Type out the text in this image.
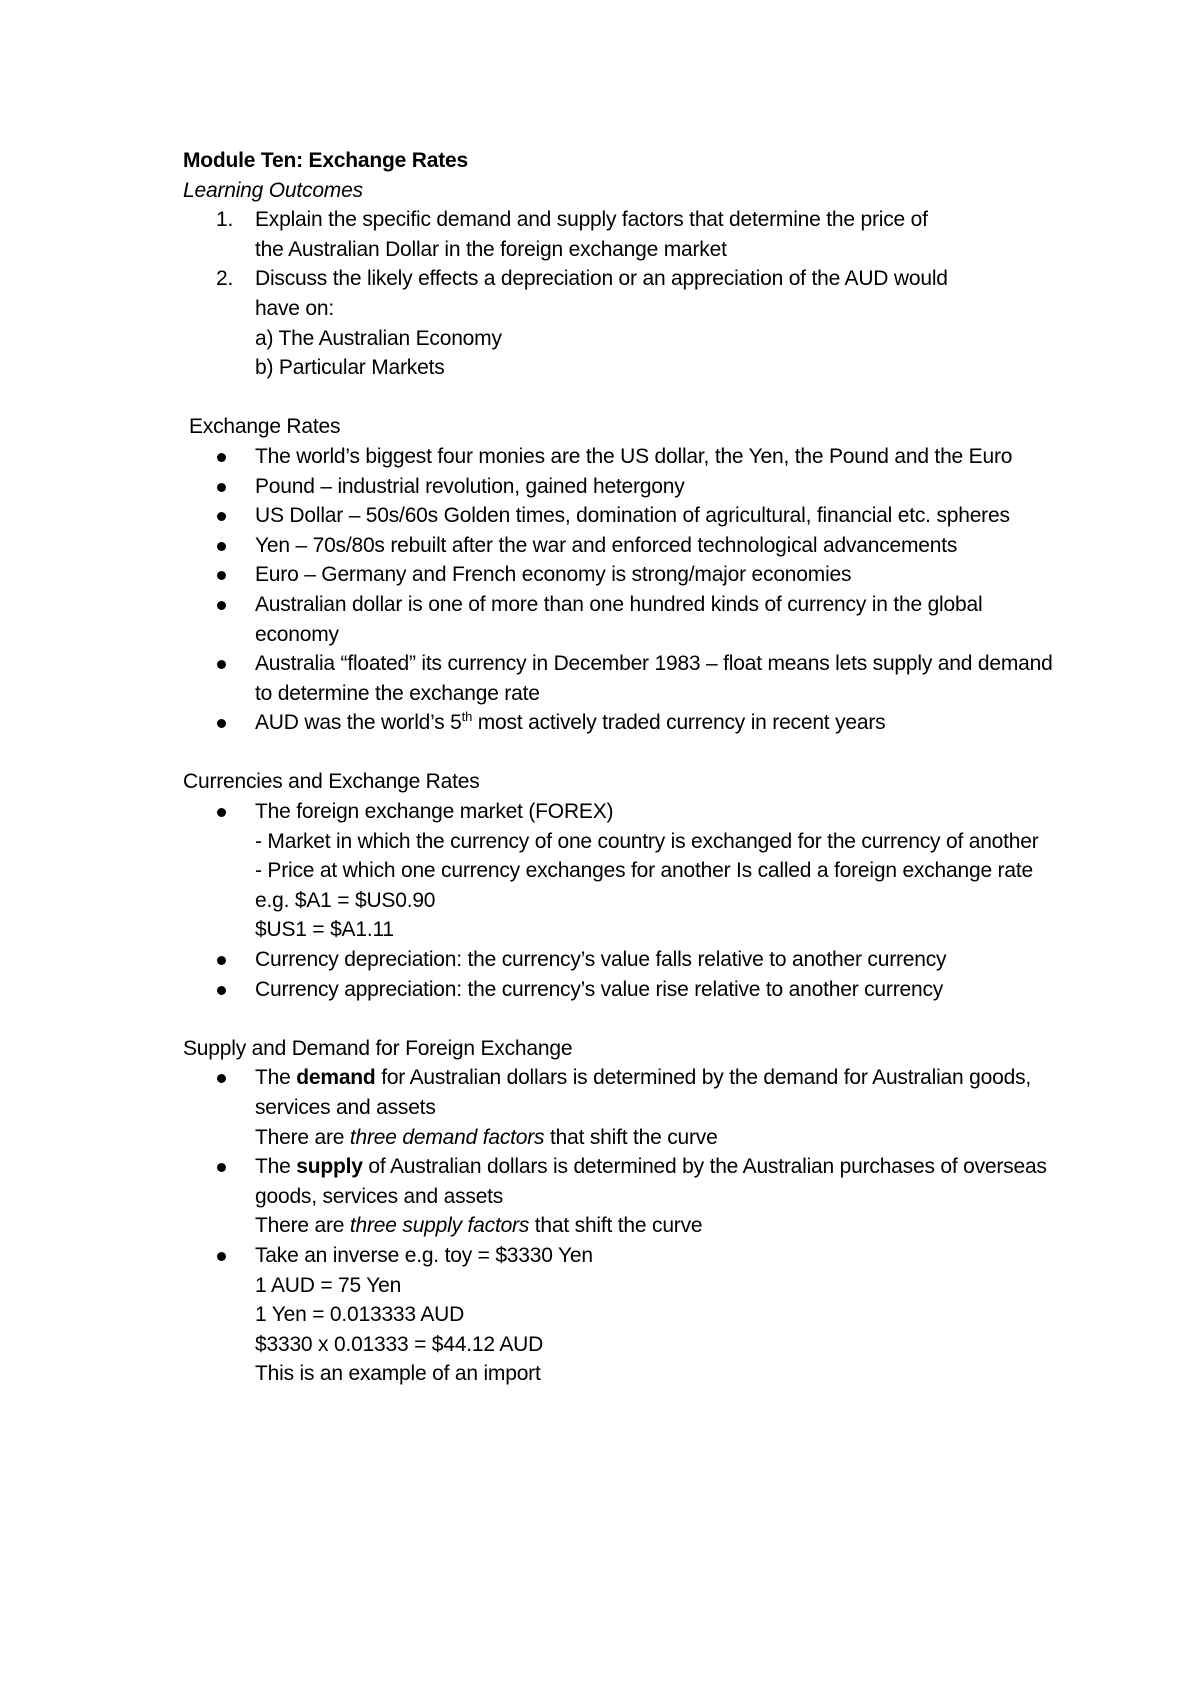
Module Ten: Exchange Rates
Learning Outcomes
1. Explain the specific demand and supply factors that determine the price of
the Australian Dollar in the foreign exchange market
2. Discuss the likely effects a depreciation or an appreciation of the AUD would
have on:
a) The Australian Economy
b) Particular Markets
Exchange Rates
The world’s biggest four monies are the US dollar, the Yen, the Pound and the Euro
Pound – industrial revolution, gained hetergony
US Dollar – 50s/60s Golden times, domination of agricultural, financial etc. spheres
Yen – 70s/80s rebuilt after the war and enforced technological advancements
Euro – Germany and French economy is strong/major economies
Australian dollar is one of more than one hundred kinds of currency in the global economy
Australia “floated” its currency in December 1983 – float means lets supply and demand to determine the exchange rate
AUD was the world’s 5th most actively traded currency in recent years
Currencies and Exchange Rates
The foreign exchange market (FOREX)
- Market in which the currency of one country is exchanged for the currency of another
- Price at which one currency exchanges for another Is called a foreign exchange rate
e.g. $A1 = $US0.90
$US1 = $A1.11
Currency depreciation: the currency’s value falls relative to another currency
Currency appreciation: the currency’s value rise relative to another currency
Supply and Demand for Foreign Exchange
The demand for Australian dollars is determined by the demand for Australian goods, services and assets
There are three demand factors that shift the curve
The supply of Australian dollars is determined by the Australian purchases of overseas goods, services and assets
There are three supply factors that shift the curve
Take an inverse e.g. toy = $3330 Yen
1 AUD = 75 Yen
1 Yen = 0.013333 AUD
$3330 x 0.01333 = $44.12 AUD
This is an example of an import
